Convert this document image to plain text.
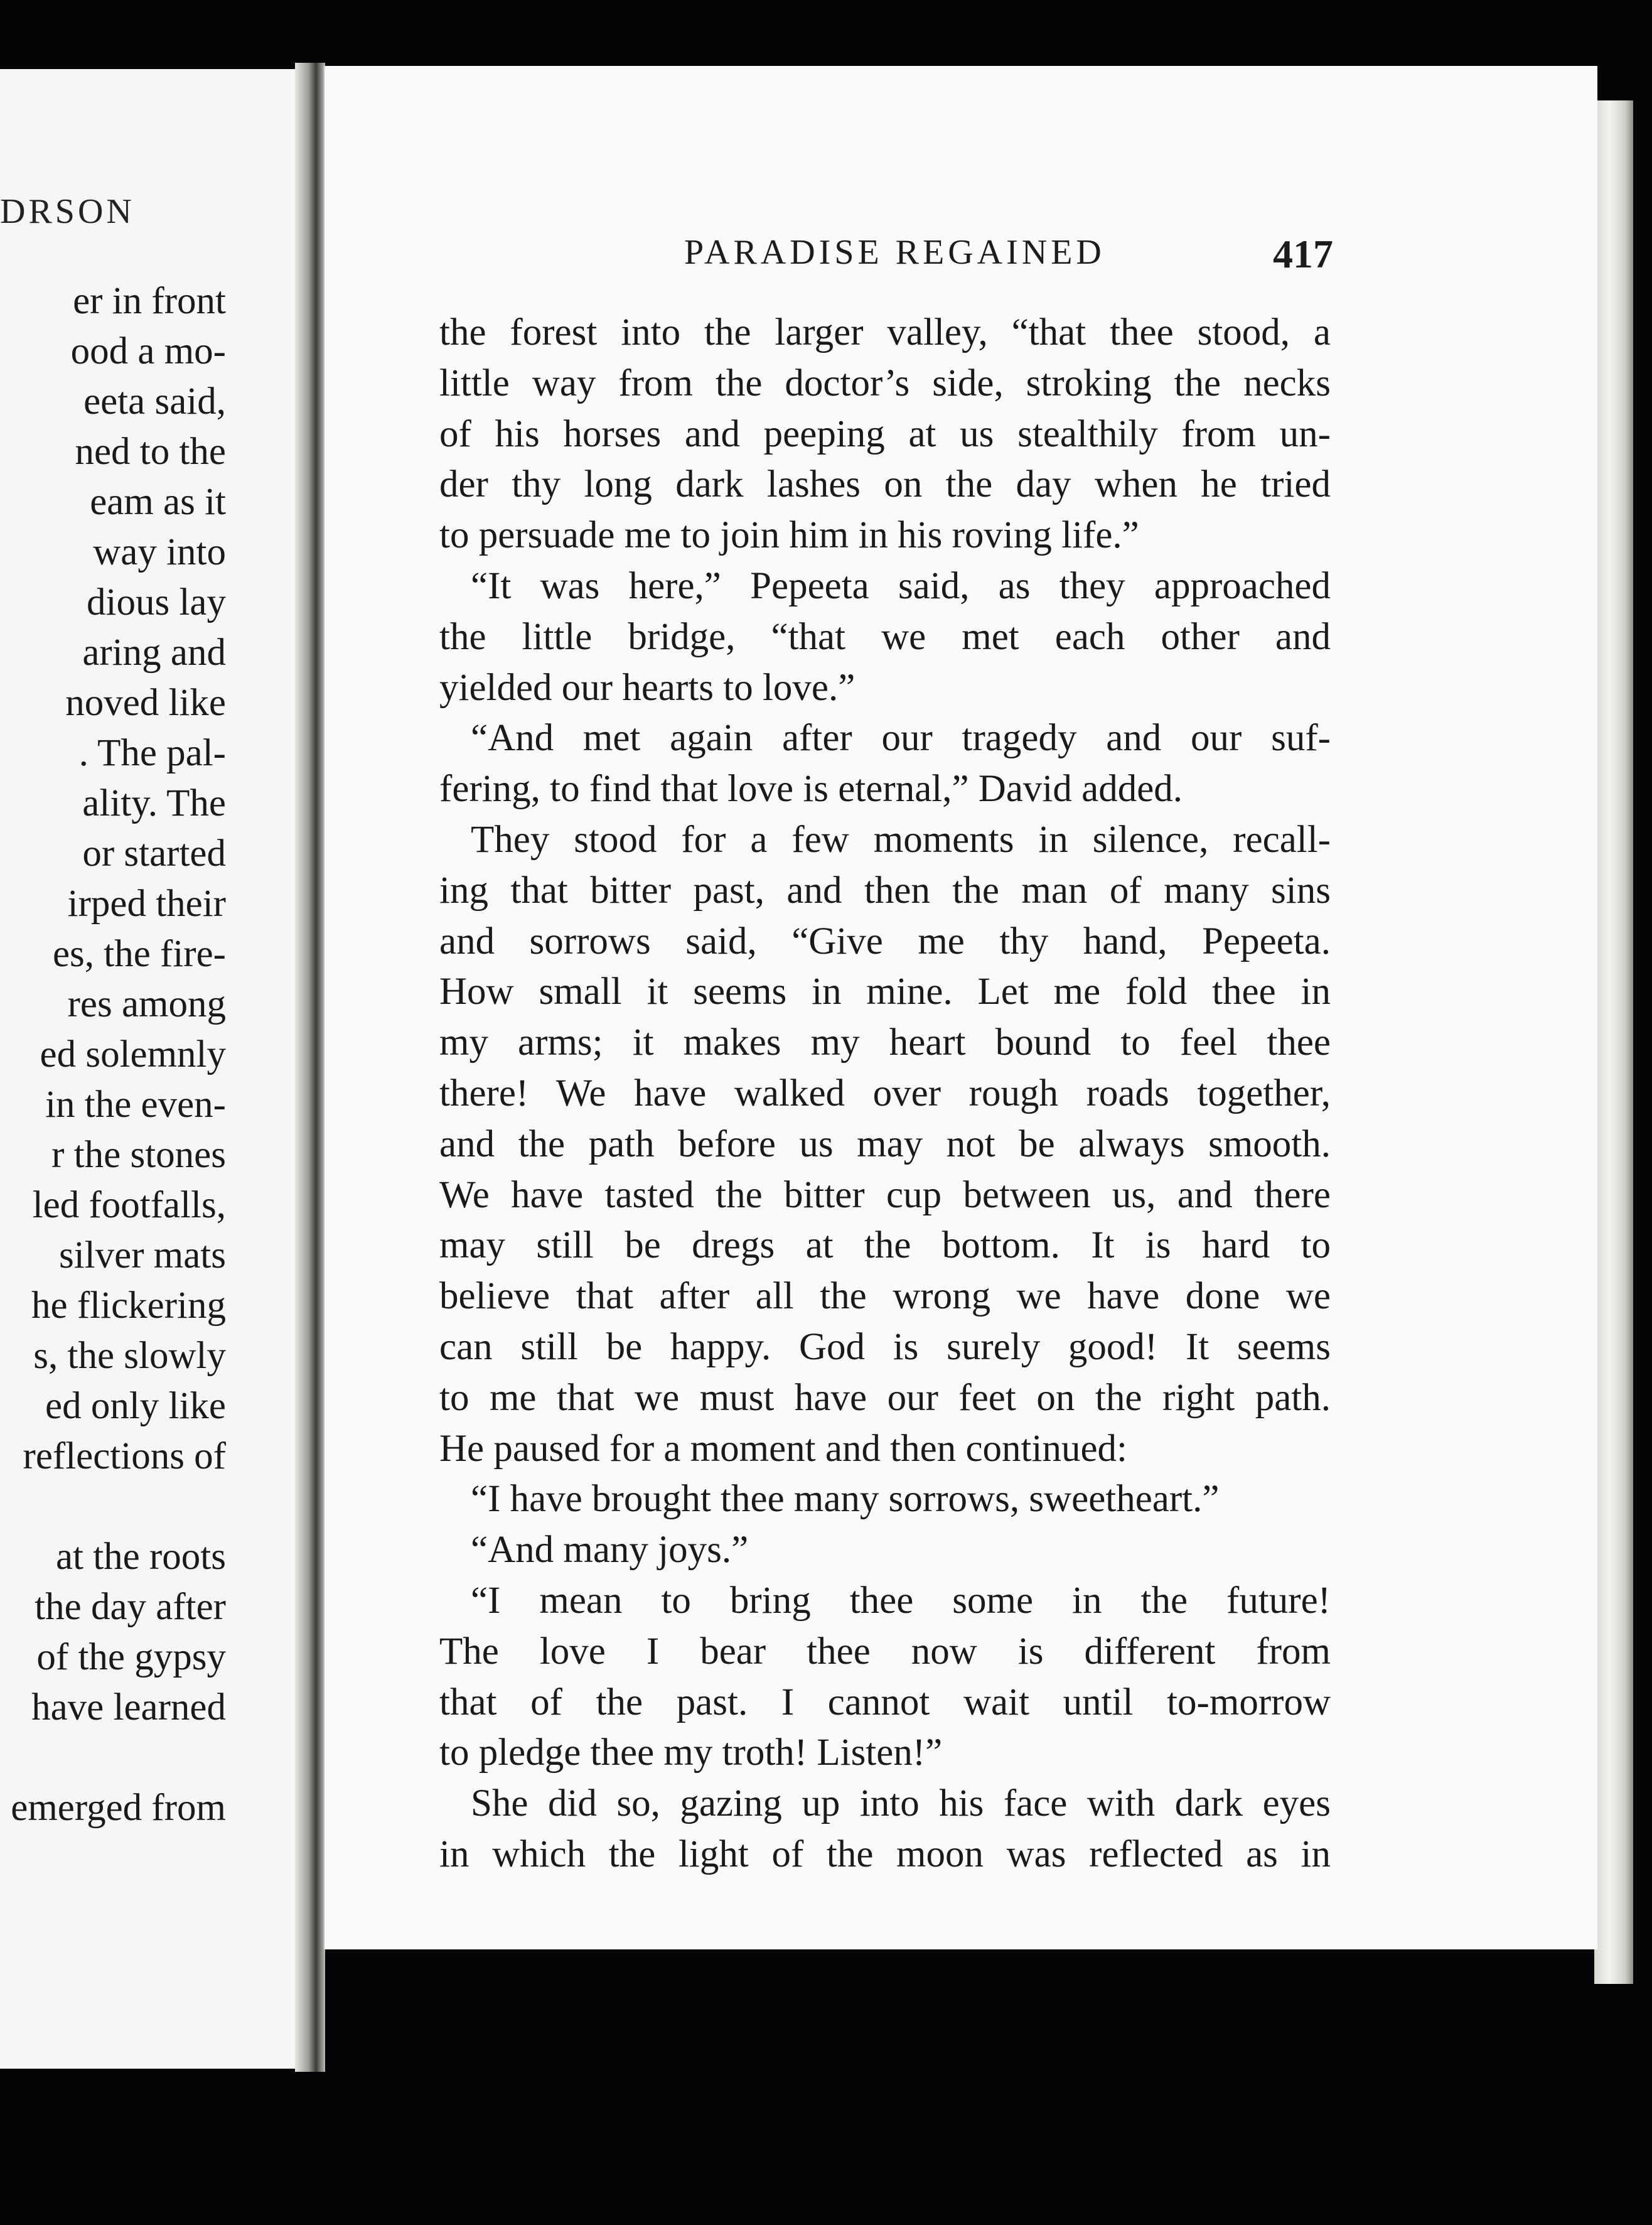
DRSON
er in front
ood a mo-
eeta said,
ned to the
eam as it
way into
dious lay
aring and
noved like
. The pal-
ality. The
or started
irped their
es, the fire-
res among
ed solemnly
in the even-
r the stones
led footfalls,
silver mats
he flickering
s, the slowly
ed only like
reflections of
at the roots
the day after
of the gypsy
have learned
emerged from
PARADISE REGAINED	417
the forest into the larger valley, “that thee stood, a
little way from the doctor’s side, stroking the necks
of his horses and peeping at us stealthily from un-
der thy long dark lashes on the day when he tried
to persuade me to join him in his roving life.”
“It was here,” Pepeeta said, as they approached
the little bridge, “that we met each other and
yielded our hearts to love.”
“And met again after our tragedy and our suf-
fering, to find that love is eternal,” David added.
They stood for a few moments in silence, recall-
ing that bitter past, and then the man of many sins
and sorrows said, “Give me thy hand, Pepeeta.
How small it seems in mine. Let me fold thee in
my arms; it makes my heart bound to feel thee
there! We have walked over rough roads together,
and the path before us may not be always smooth.
We have tasted the bitter cup between us, and there
may still be dregs at the bottom. It is hard to
believe that after all the wrong we have done we
can still be happy. God is surely good! It seems
to me that we must have our feet on the right path.
He paused for a moment and then continued:
“I have brought thee many sorrows, sweetheart.”
“And many joys.”
“I mean to bring thee some in the future!
The love I bear thee now is different from
that of the past. I cannot wait until to-morrow
to pledge thee my troth! Listen!”
She did so, gazing up into his face with dark eyes
in which the light of the moon was reflected as in
